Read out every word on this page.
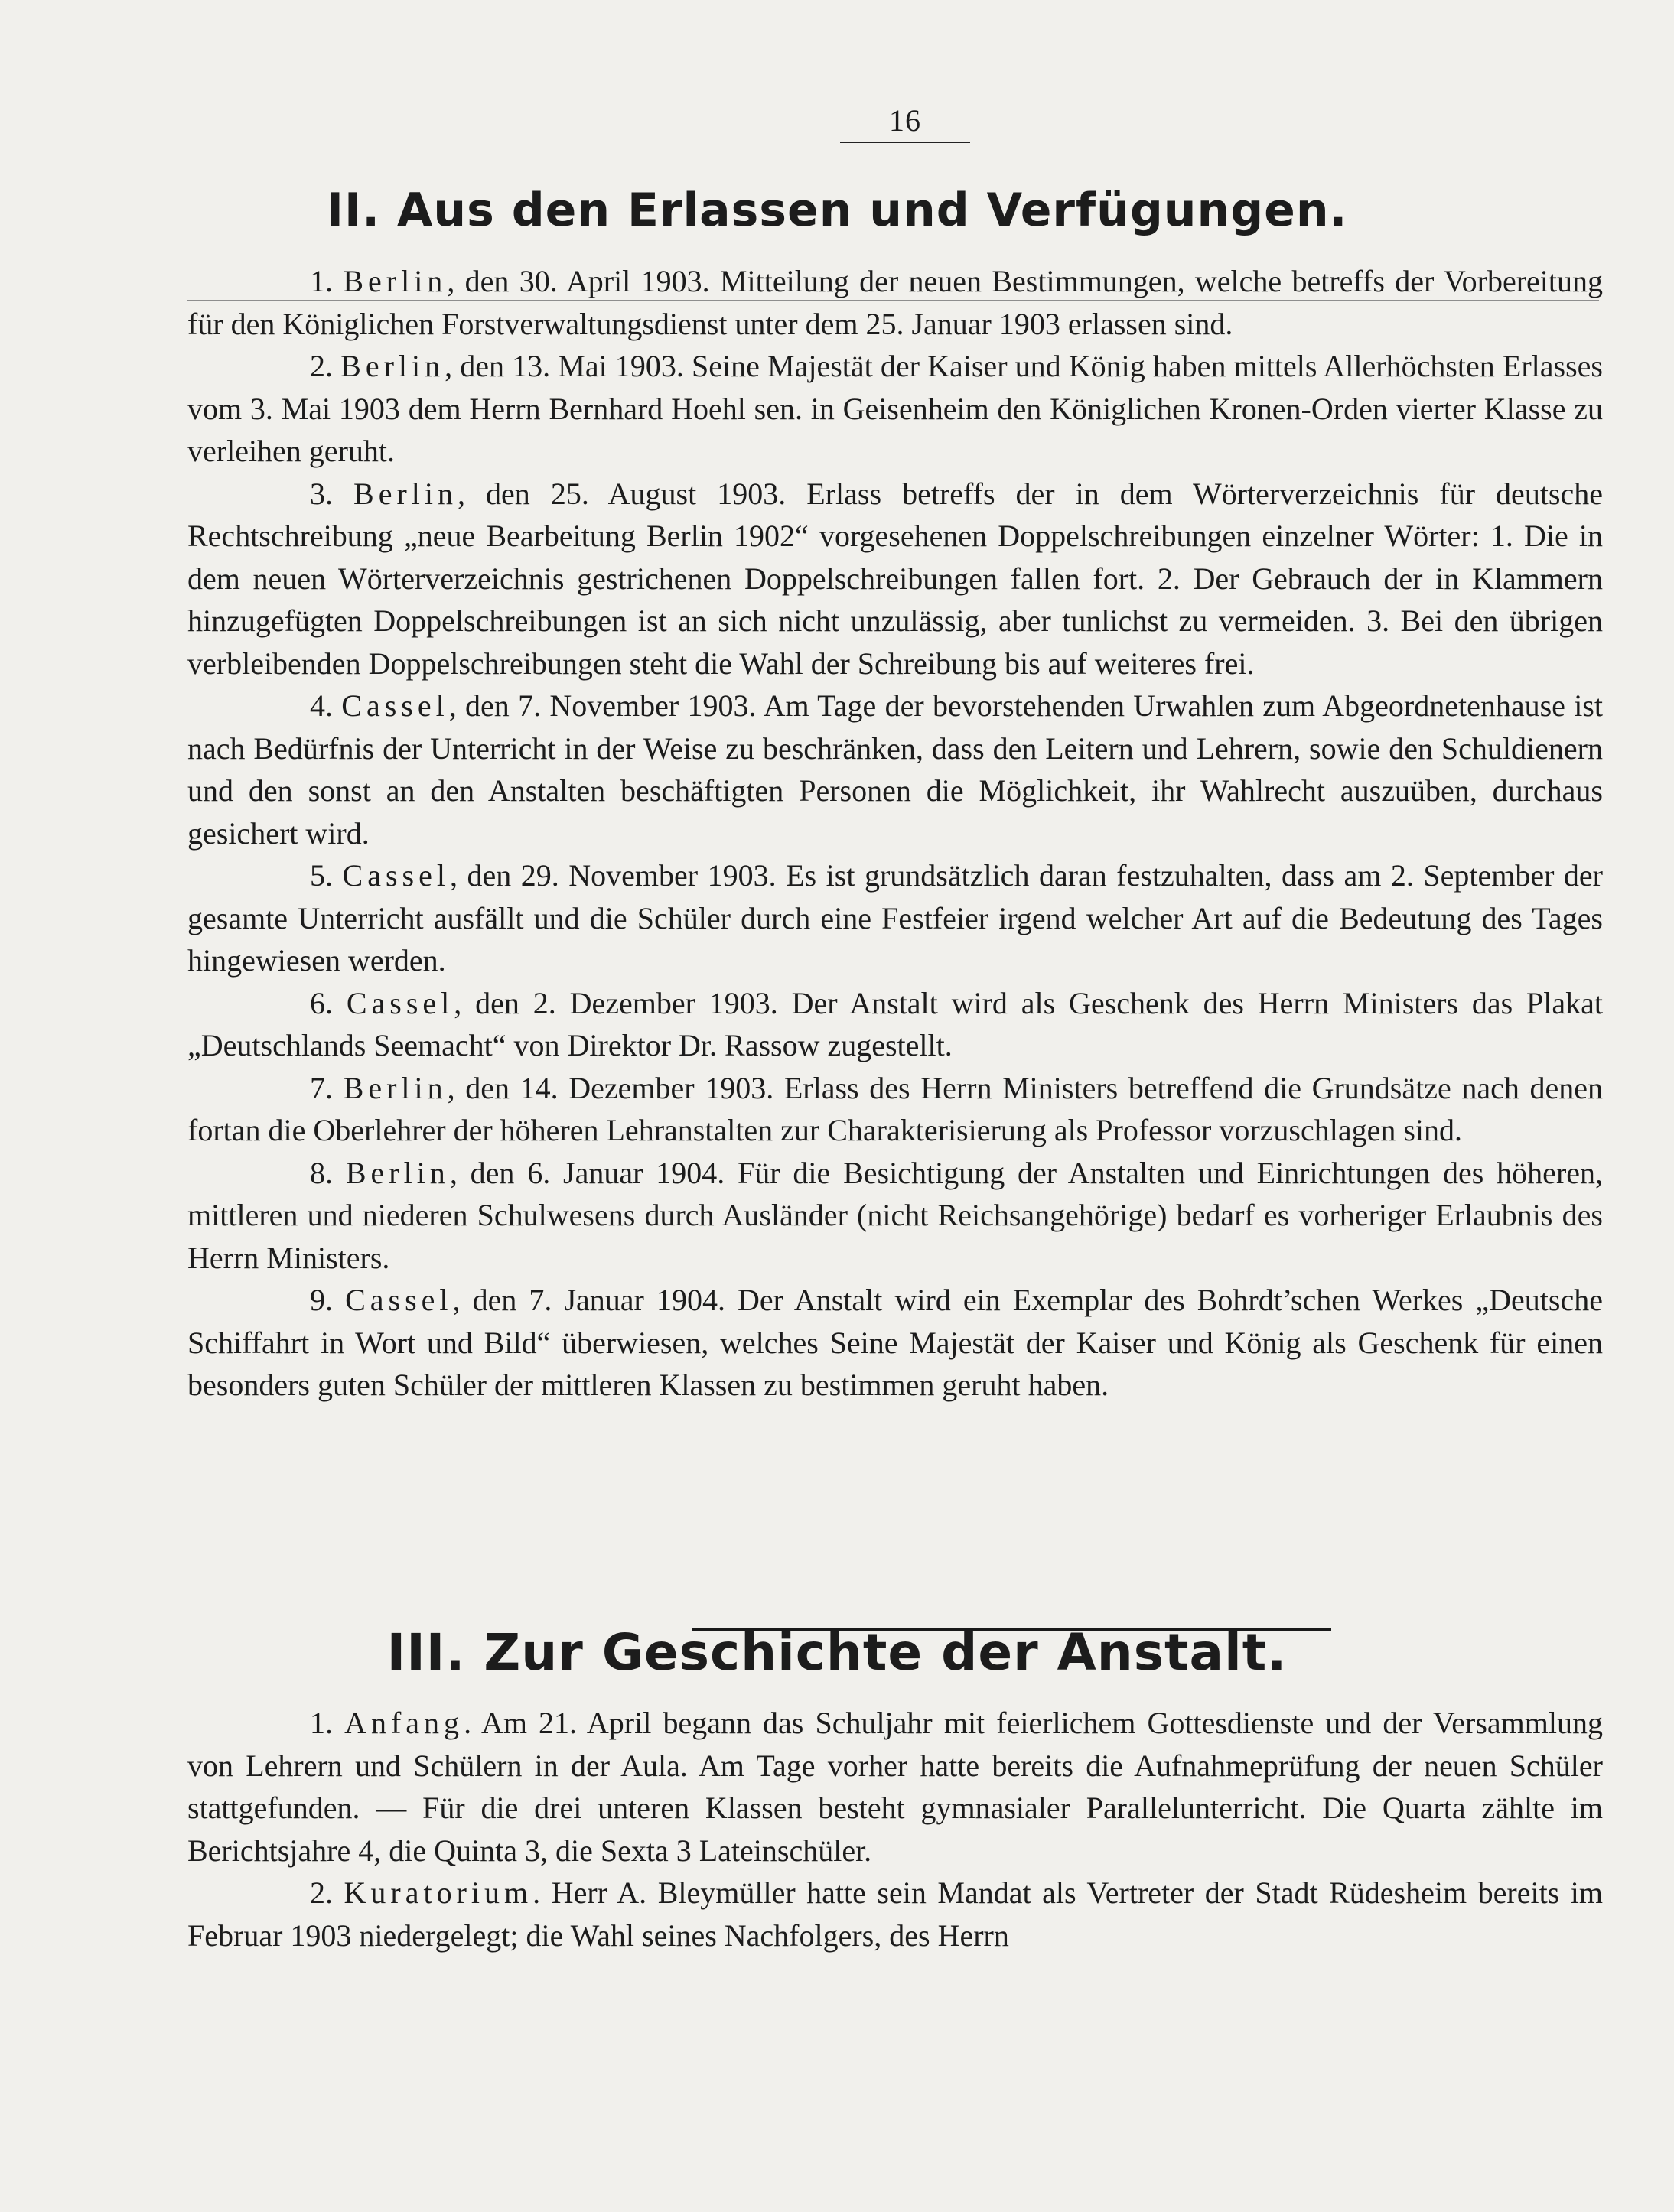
16
II. Aus den Erlassen und Verfügungen.

1. Berlin, den 30. April 1903. Mitteilung der neuen Bestimmungen, welche betreffs der Vorbereitung für den Königlichen Forstverwaltungsdienst unter dem 25. Januar 1903 erlassen sind.

2. Berlin, den 13. Mai 1903. Seine Majestät der Kaiser und König haben mittels Allerhöchsten Erlasses vom 3. Mai 1903 dem Herrn Bernhard Hoehl sen. in Geisenheim den Königlichen Kronen-Orden vierter Klasse zu verleihen geruht.

3. Berlin, den 25. August 1903. Erlass betreffs der in dem Wörterverzeichnis für deutsche Rechtschreibung „neue Bearbeitung Berlin 1902“ vorgesehenen Doppelschreibungen einzelner Wörter: 1. Die in dem neuen Wörterverzeichnis gestrichenen Doppelschreibungen fallen fort. 2. Der Gebrauch der in Klammern hinzugefügten Doppelschreibungen ist an sich nicht unzulässig, aber tunlichst zu vermeiden. 3. Bei den übrigen verbleibenden Doppelschreibungen steht die Wahl der Schreibung bis auf weiteres frei.

4. Cassel, den 7. November 1903. Am Tage der bevorstehenden Urwahlen zum Abgeordnetenhause ist nach Bedürfnis der Unterricht in der Weise zu beschränken, dass den Leitern und Lehrern, sowie den Schuldienern und den sonst an den Anstalten beschäftigten Personen die Möglichkeit, ihr Wahlrecht auszuüben, durchaus gesichert wird.

5. Cassel, den 29. November 1903. Es ist grundsätzlich daran festzuhalten, dass am 2. September der gesamte Unterricht ausfällt und die Schüler durch eine Festfeier irgend welcher Art auf die Bedeutung des Tages hingewiesen werden.

6. Cassel, den 2. Dezember 1903. Der Anstalt wird als Geschenk des Herrn Ministers das Plakat „Deutschlands Seemacht“ von Direktor Dr. Rassow zugestellt.

7. Berlin, den 14. Dezember 1903. Erlass des Herrn Ministers betreffend die Grundsätze nach denen fortan die Oberlehrer der höheren Lehranstalten zur Charakterisierung als Professor vorzuschlagen sind.

8. Berlin, den 6. Januar 1904. Für die Besichtigung der Anstalten und Einrichtungen des höheren, mittleren und niederen Schulwesens durch Ausländer (nicht Reichsangehörige) bedarf es vorheriger Erlaubnis des Herrn Ministers.

9. Cassel, den 7. Januar 1904. Der Anstalt wird ein Exemplar des Bohrdt’schen Werkes „Deutsche Schiffahrt in Wort und Bild“ überwiesen, welches Seine Majestät der Kaiser und König als Geschenk für einen besonders guten Schüler der mittleren Klassen zu bestimmen geruht haben.

III. Zur Geschichte der Anstalt.

1. Anfang. Am 21. April begann das Schuljahr mit feierlichem Gottesdienste und der Versammlung von Lehrern und Schülern in der Aula. Am Tage vorher hatte bereits die Aufnahmeprüfung der neuen Schüler stattgefunden. — Für die drei unteren Klassen besteht gymnasialer Parallelunterricht. Die Quarta zählte im Berichtsjahre 4, die Quinta 3, die Sexta 3 Lateinschüler.

2. Kuratorium. Herr A. Bleymüller hatte sein Mandat als Vertreter der Stadt Rüdesheim bereits im Februar 1903 niedergelegt; die Wahl seines Nachfolgers, des Herrn
